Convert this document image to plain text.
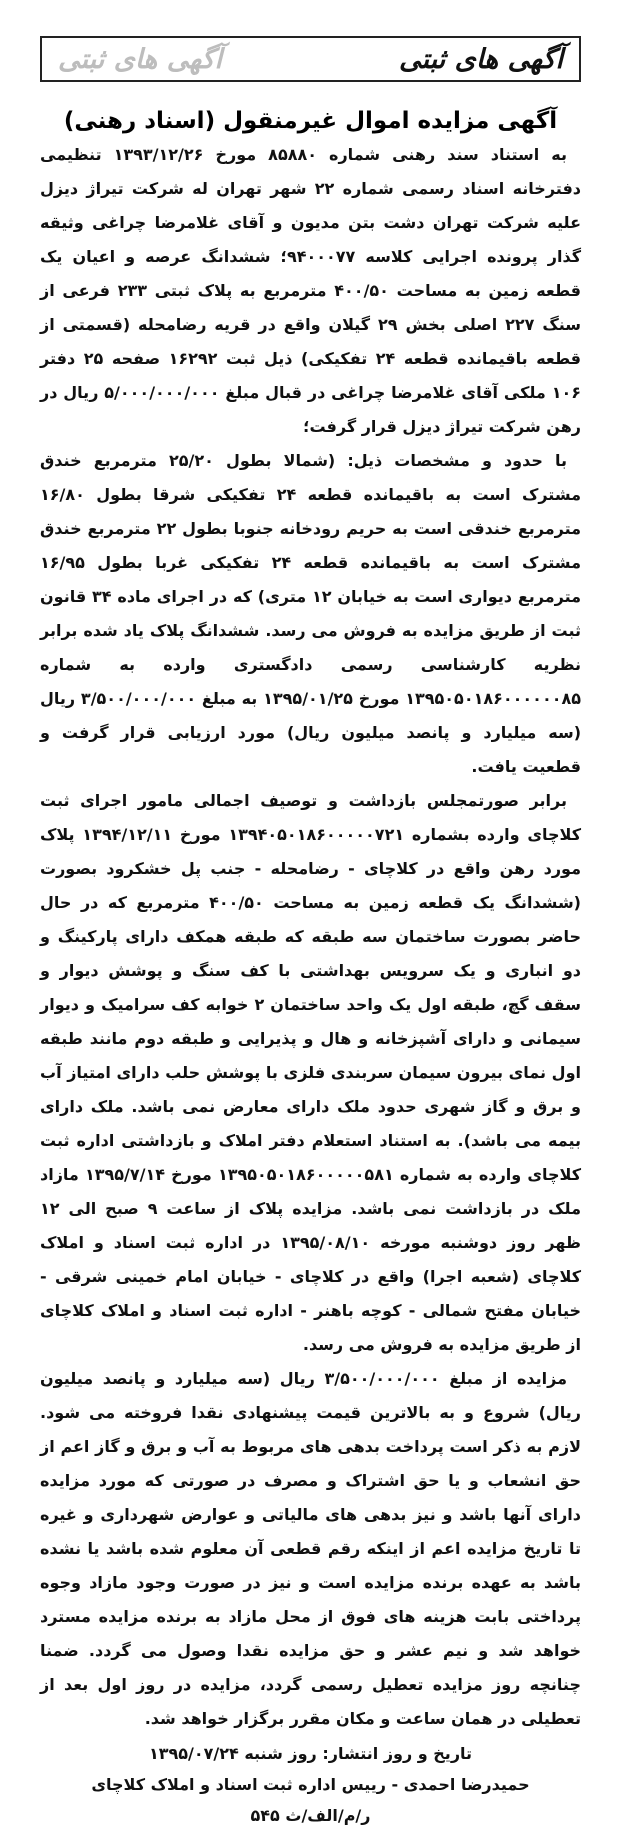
آگهی های ثبتی
آگهی های ثبتی
آگهی مزایده اموال غیرمنقول (اسناد رهنی)

به استناد سند رهنی شماره ۸۵۸۸۰ مورخ ۱۳۹۳/۱۲/۲۶ تنظیمی دفترخانه اسناد رسمی شماره ۲۲ شهر تهران له شرکت تیراژ دیزل علیه شرکت تهران دشت بتن مدیون و آقای غلامرضا چراغی وثیقه گذار پرونده اجرایی کلاسه ۹۴۰۰۰۷۷؛ ششدانگ عرصه و اعیان یک قطعه زمین به مساحت ۴۰۰/۵۰ مترمربع به پلاک ثبتی ۲۳۳ فرعی از سنگ ۲۲۷ اصلی بخش ۲۹ گیلان واقع در قریه رضامحله (قسمتی از قطعه باقیمانده قطعه ۲۴ تفکیکی) ذیل ثبت ۱۶۲۹۲ صفحه ۲۵ دفتر ۱۰۶ ملکی آقای غلامرضا چراغی در قبال مبلغ ۵/۰۰۰/۰۰۰/۰۰۰ ریال در رهن شرکت تیراژ دیزل قرار گرفت؛

با حدود و مشخصات ذیل: (شمالا بطول ۲۵/۲۰ مترمربع خندق مشترک است به باقیمانده قطعه ۲۴ تفکیکی شرقا بطول ۱۶/۸۰ مترمربع خندقی است به حریم رودخانه جنوبا بطول ۲۲ مترمربع خندق مشترک است به باقیمانده قطعه ۲۴ تفکیکی غربا بطول ۱۶/۹۵ مترمربع دیواری است به خیابان ۱۲ متری) که در اجرای ماده ۳۴ قانون ثبت از طریق مزایده به فروش می رسد. ششدانگ پلاک یاد شده برابر نظریه کارشناسی رسمی دادگستری وارده به شماره ۱۳۹۵۰۵۰۱۸۶۰۰۰۰۰۰۸۵ مورخ ۱۳۹۵/۰۱/۲۵ به مبلغ ۳/۵۰۰/۰۰۰/۰۰۰ ریال (سه میلیارد و پانصد میلیون ریال) مورد ارزیابی قرار گرفت و قطعیت یافت.

برابر صورتمجلس بازداشت و توصیف اجمالی مامور اجرای ثبت کلاچای وارده بشماره ۱۳۹۴۰۵۰۱۸۶۰۰۰۰۰۷۲۱ مورخ ۱۳۹۴/۱۲/۱۱ پلاک مورد رهن واقع در کلاچای - رضامحله - جنب پل خشکرود بصورت (ششدانگ یک قطعه زمین به مساحت ۴۰۰/۵۰ مترمربع که در حال حاضر بصورت ساختمان سه طبقه که طبقه همکف دارای پارکینگ و دو انباری و یک سرویس بهداشتی با کف سنگ و پوشش دیوار و سقف گچ، طبقه اول یک واحد ساختمان ۲ خوابه کف سرامیک و دیوار سیمانی و دارای آشپزخانه و هال و پذیرایی و طبقه دوم مانند طبقه اول نمای بیرون سیمان سربندی فلزی با پوشش حلب دارای امتیاز آب و برق و گاز شهری حدود ملک دارای معارض نمی باشد. ملک دارای بیمه می باشد). به استناد استعلام دفتر املاک و بازداشتی اداره ثبت کلاچای وارده به شماره ۱۳۹۵۰۵۰۱۸۶۰۰۰۰۰۵۸۱ مورخ ۱۳۹۵/۷/۱۴ مازاد ملک در بازداشت نمی باشد. مزایده پلاک از ساعت ۹ صبح الی ۱۲ ظهر روز دوشنبه مورخه ۱۳۹۵/۰۸/۱۰ در اداره ثبت اسناد و املاک کلاچای (شعبه اجرا) واقع در کلاچای - خیابان امام خمینی شرقی - خیابان مفتح شمالی - کوچه باهنر - اداره ثبت اسناد و املاک کلاچای از طریق مزایده به فروش می رسد.

مزایده از مبلغ ۳/۵۰۰/۰۰۰/۰۰۰ ریال (سه میلیارد و پانصد میلیون ریال) شروع و به بالاترین قیمت پیشنهادی نقدا فروخته می شود. لازم به ذکر است پرداخت بدهی های مربوط به آب و برق و گاز اعم از حق انشعاب و یا حق اشتراک و مصرف در صورتی که مورد مزایده دارای آنها باشد و نیز بدهی های مالیاتی و عوارض شهرداری و غیره تا تاریخ مزایده اعم از اینکه رقم قطعی آن معلوم شده باشد یا نشده باشد به عهده برنده مزایده است و نیز در صورت وجود مازاد وجوه پرداختی بابت هزینه های فوق از محل مازاد به برنده مزایده مسترد خواهد شد و نیم عشر و حق مزایده نقدا وصول می گردد. ضمنا چنانچه روز مزایده تعطیل رسمی گردد، مزایده در روز اول بعد از تعطیلی در همان ساعت و مکان مقرر برگزار خواهد شد.

تاریخ و روز انتشار: روز شنبه ۱۳۹۵/۰۷/۲۴
حمیدرضا احمدی - رییس اداره ثبت اسناد و املاک کلاچای
ر/م/الف/ث ۵۴۵
